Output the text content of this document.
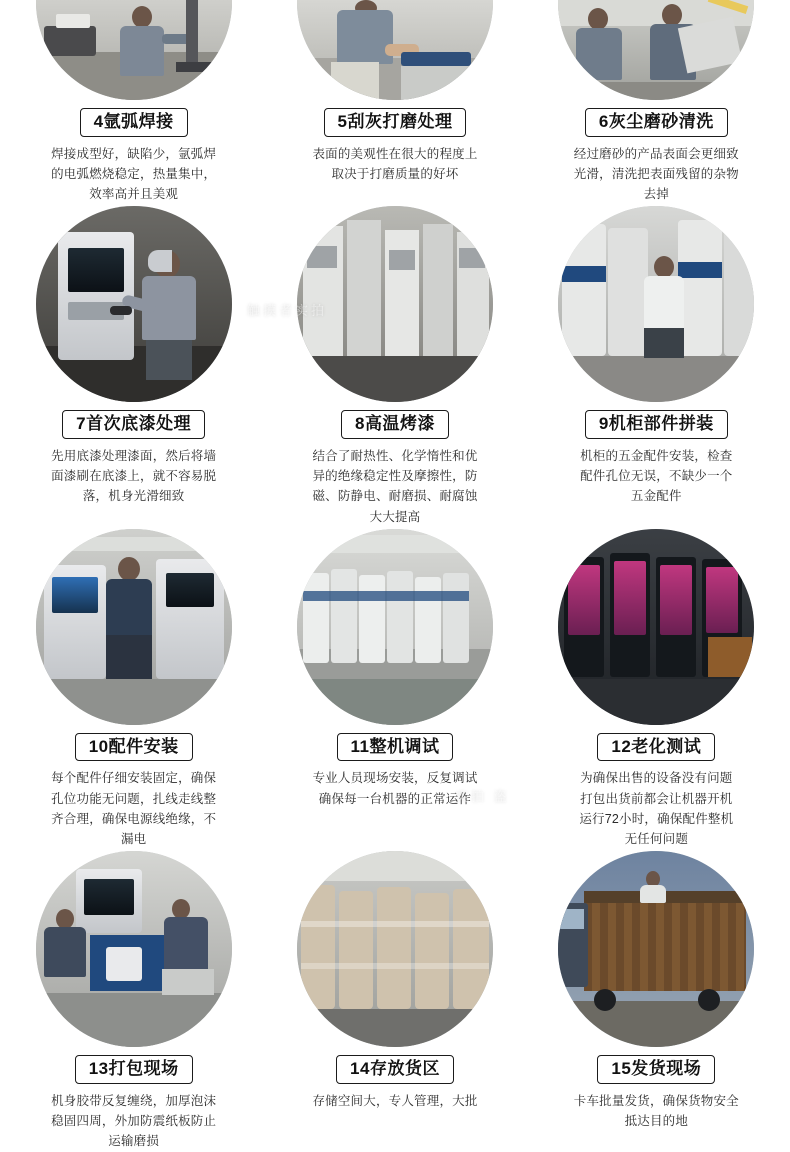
4氩弧焊接

焊接成型好，缺陷少，氩弧焊

的电弧燃烧稳定，热量集中，

效率高并且美观

5刮灰打磨处理

表面的美观性在很大的程度上

取决于打磨质量的好坏

6灰尘磨砂清洗

经过磨砂的产品表面会更细致

光滑，清洗把表面残留的杂物

去掉

7首次底漆处理

先用底漆处理漆面，然后将墙

面漆刷在底漆上，就不容易脱

落，机身光滑细致

8高温烤漆

结合了耐热性、化学惰性和优

异的绝缘稳定性及摩擦性，防

磁、防静电、耐磨损、耐腐蚀

大大提高

9机柜部件拼装

机柜的五金配件安装，检查

配件孔位无误，不缺少一个

五金配件

10配件安装

每个配件仔细安装固定，确保

孔位功能无问题，扎线走线整

齐合理，确保电源线绝缘，不

漏电

11整机调试

专业人员现场安装，反复调试

确保每一台机器的正常运作

12老化测试

为确保出售的设备没有问题

打包出货前都会让机器开机

运行72小时，确保配件整机

无任何问题

13打包现场

机身胶带反复缠绕，加厚泡沫

稳固四周，外加防震纸板防止

运输磨损

14存放货区

存储空间大，专人管理，大批

15发货现场

卡车批量发货，确保货物安全

抵达目的地

触摸者实拍
实拍 盗
